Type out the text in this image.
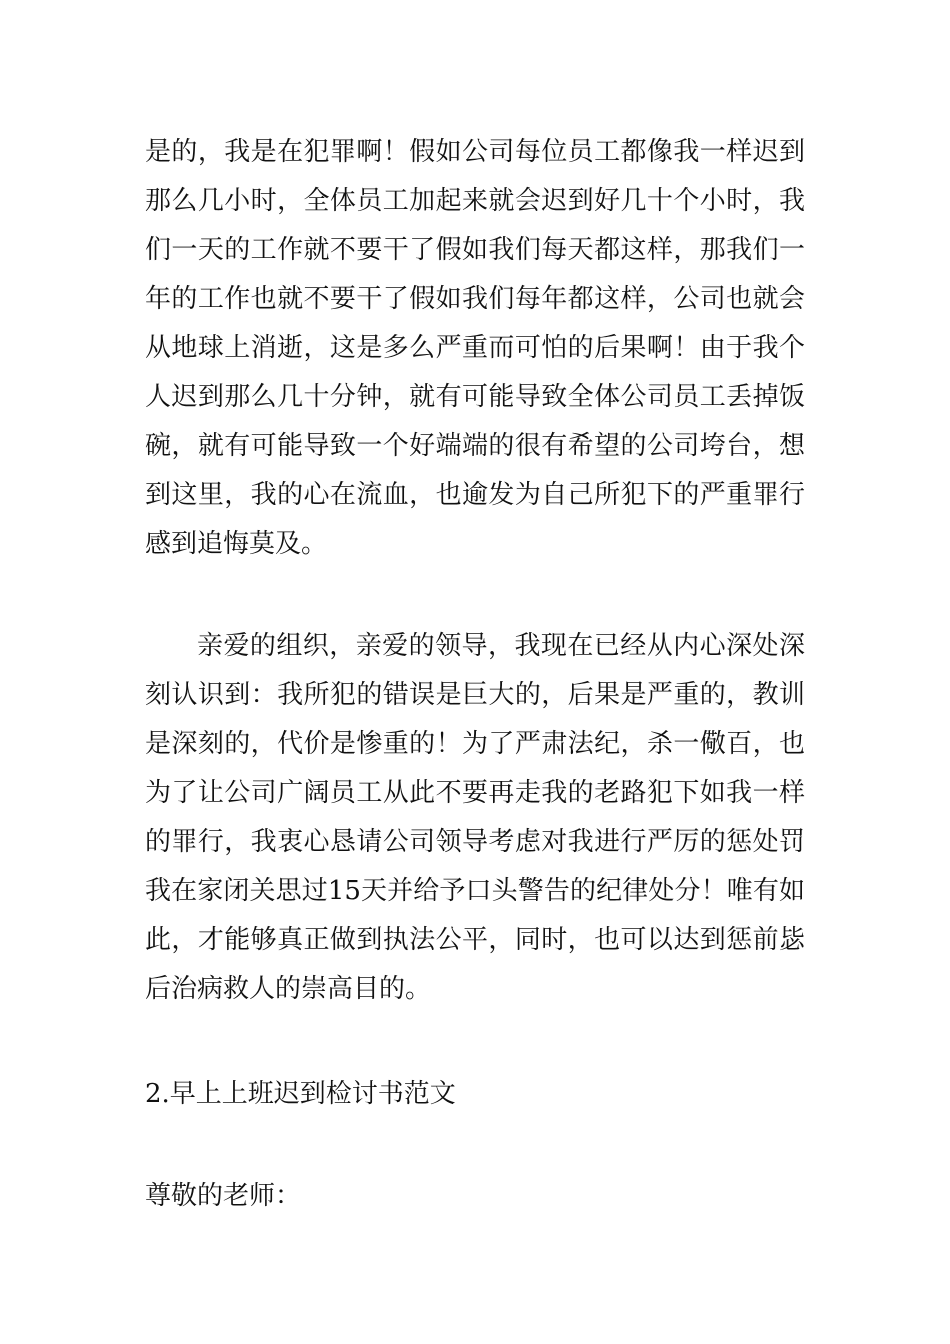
是的，我是在犯罪啊！假如公司每位员工都像我一样迟到
那么几小时，全体员工加起来就会迟到好几十个小时，我
们一天的工作就不要干了假如我们每天都这样，那我们一
年的工作也就不要干了假如我们每年都这样，公司也就会
从地球上消逝，这是多么严重而可怕的后果啊！由于我个
人迟到那么几十分钟，就有可能导致全体公司员工丢掉饭
碗，就有可能导致一个好端端的很有希望的公司垮台，想
到这里，我的心在流血，也逾发为自己所犯下的严重罪行
感到追悔莫及。
亲爱的组织，亲爱的领导，我现在已经从内心深处深
刻认识到：我所犯的错误是巨大的，后果是严重的，教训
是深刻的，代价是惨重的！为了严肃法纪，杀一儆百，也
为了让公司广阔员工从此不要再走我的老路犯下如我一样
的罪行，我衷心恳请公司领导考虑对我进行严厉的惩处罚
我在家闭关思过15天并给予口头警告的纪律处分！唯有如
此，才能够真正做到执法公平，同时，也可以达到惩前毖
后治病救人的崇高目的。
2.早上上班迟到检讨书范文
尊敬的老师：
